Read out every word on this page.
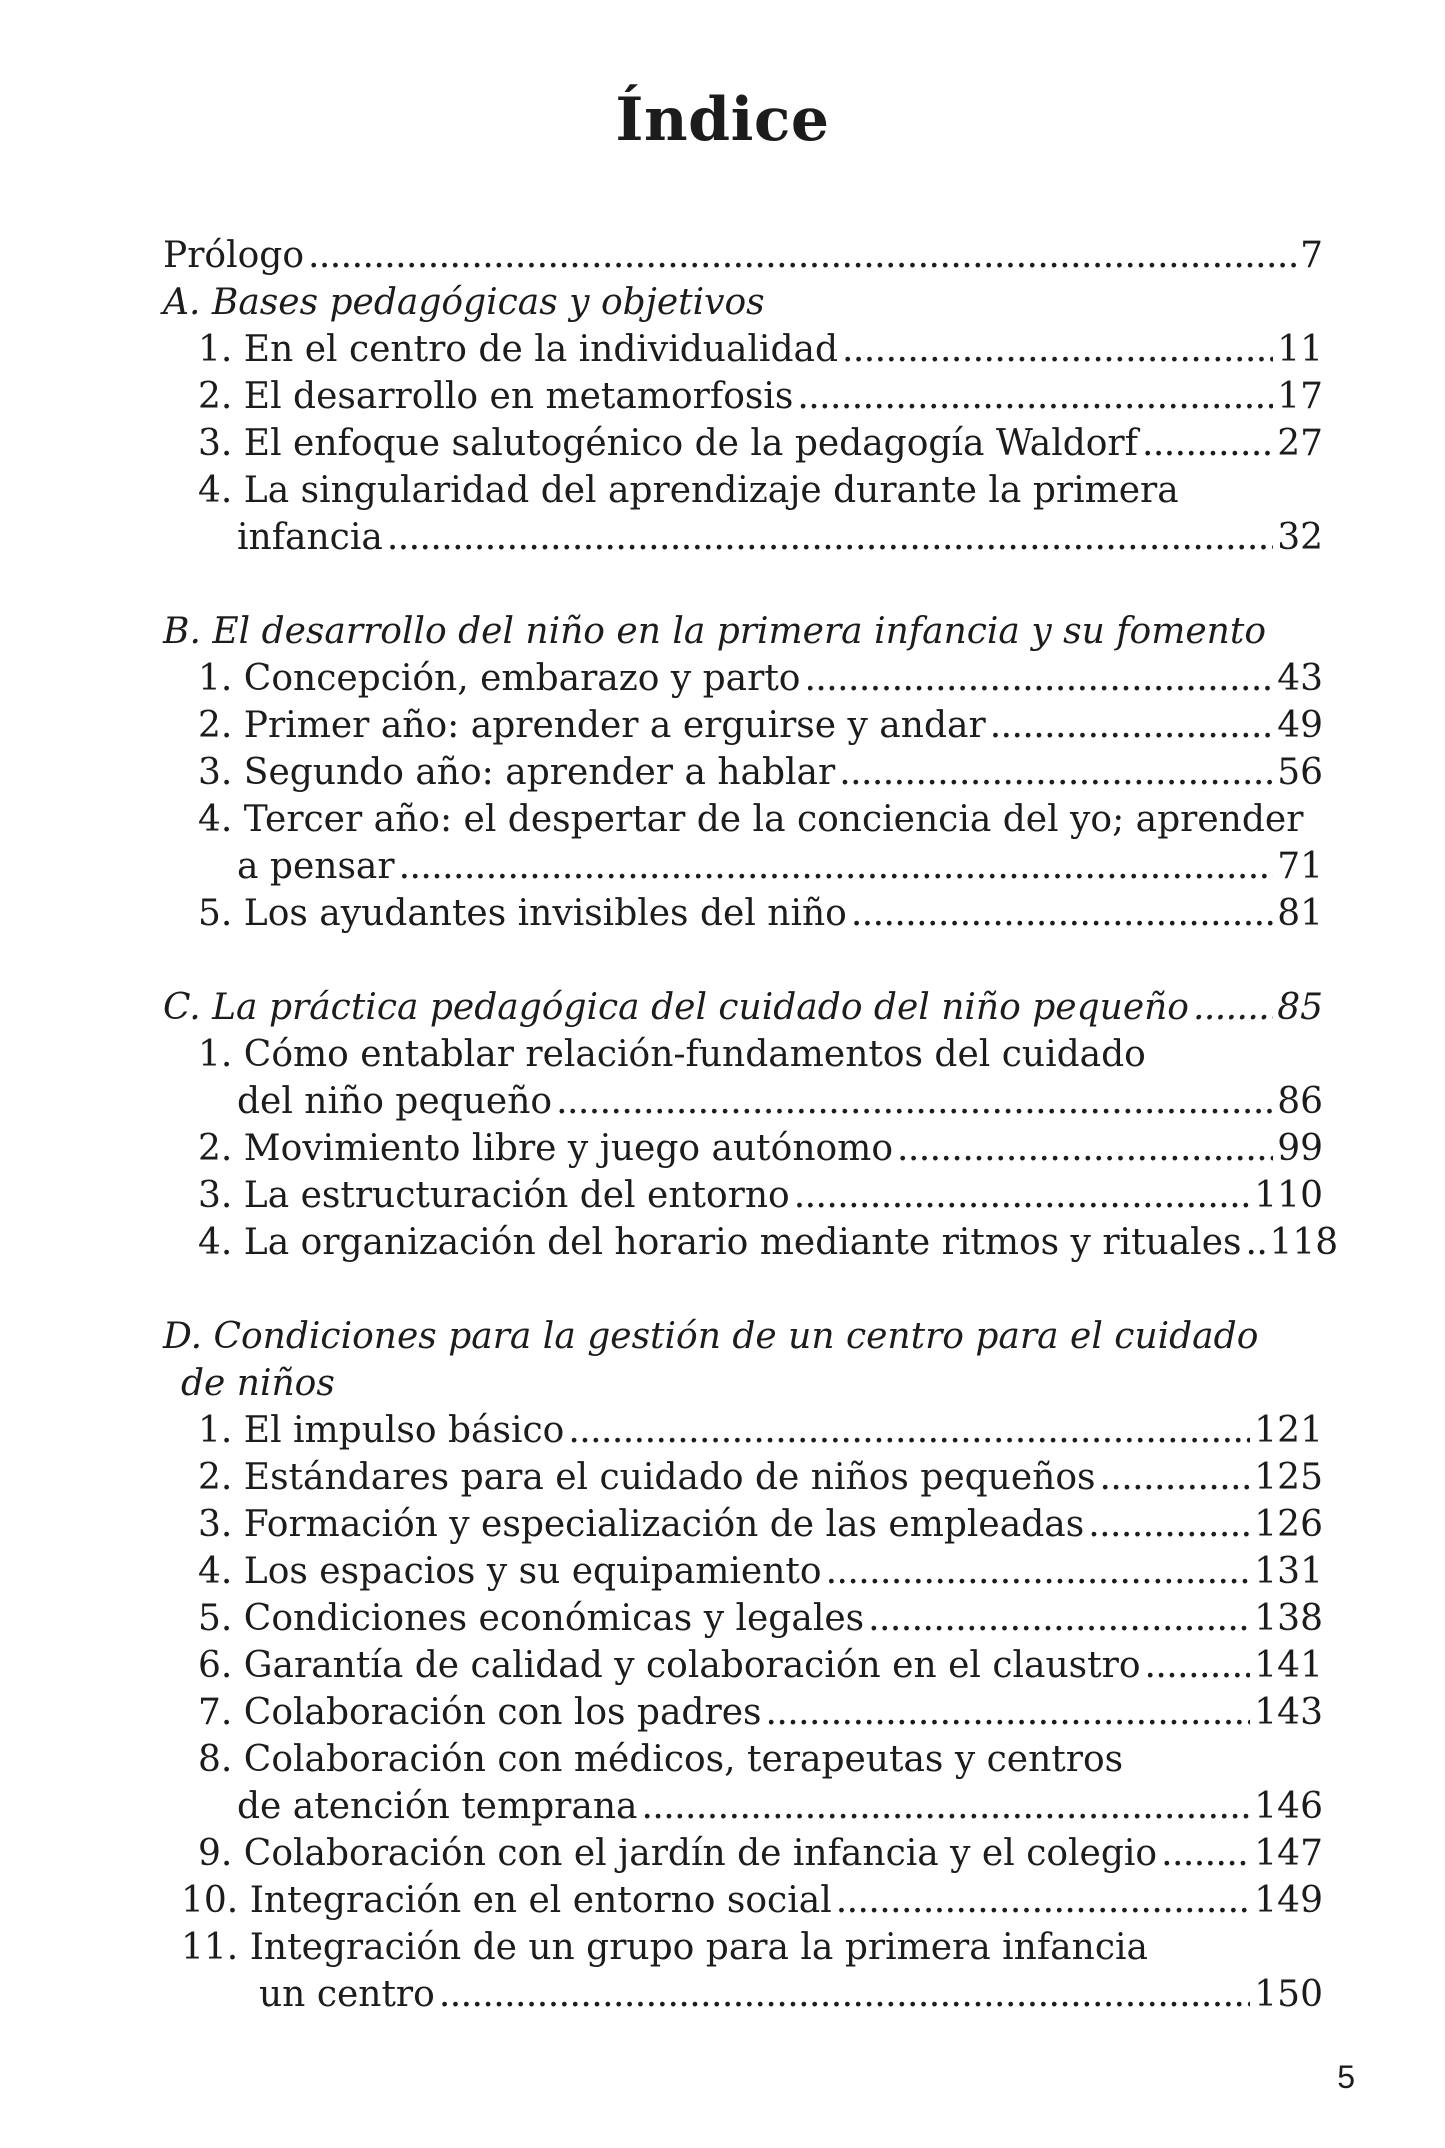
Índice
Prólogo . . .	7
A. Bases pedagógicas y objetivos
1. En el centro de la individualidad . . .	11
2. El desarrollo en metamorfosis . . .	17
3. El enfoque salutogénico de la pedagogía Waldorf . . .	27
4. La singularidad del aprendizaje durante la primera
infancia . . .	32
B. El desarrollo del niño en la primera infancia y su fomento
1. Concepción, embarazo y parto . . .	43
2. Primer año: aprender a erguirse y andar . . .	49
3. Segundo año: aprender a hablar . . .	56
4. Tercer año: el despertar de la conciencia del yo; aprender
a pensar . . .	71
5. Los ayudantes invisibles del niño . . .	81
C. La práctica pedagógica del cuidado del niño pequeño . . . 85
1. Cómo entablar relación-fundamentos del cuidado
del niño pequeño . . .	86
2. Movimiento libre y juego autónomo . . .	99
3. La estructuración del entorno . . .	110
4. La organización del horario mediante ritmos y rituales . . . 118
D. Condiciones para la gestión de un centro para el cuidado
de niños
1. El impulso básico . . .	121
2. Estándares para el cuidado de niños pequeños . . .	125
3. Formación y especialización de las empleadas . . .	126
4. Los espacios y su equipamiento . . .	131
5. Condiciones económicas y legales . . .	138
6. Garantía de calidad y colaboración en el claustro . . .	141
7. Colaboración con los padres . . .	143
8. Colaboración con médicos, terapeutas y centros
de atención temprana . . .	146
9. Colaboración con el jardín de infancia y el colegio . . .	147
10. Integración en el entorno social . . .	149
11. Integración de un grupo para la primera infancia
un centro . . .	150
5
